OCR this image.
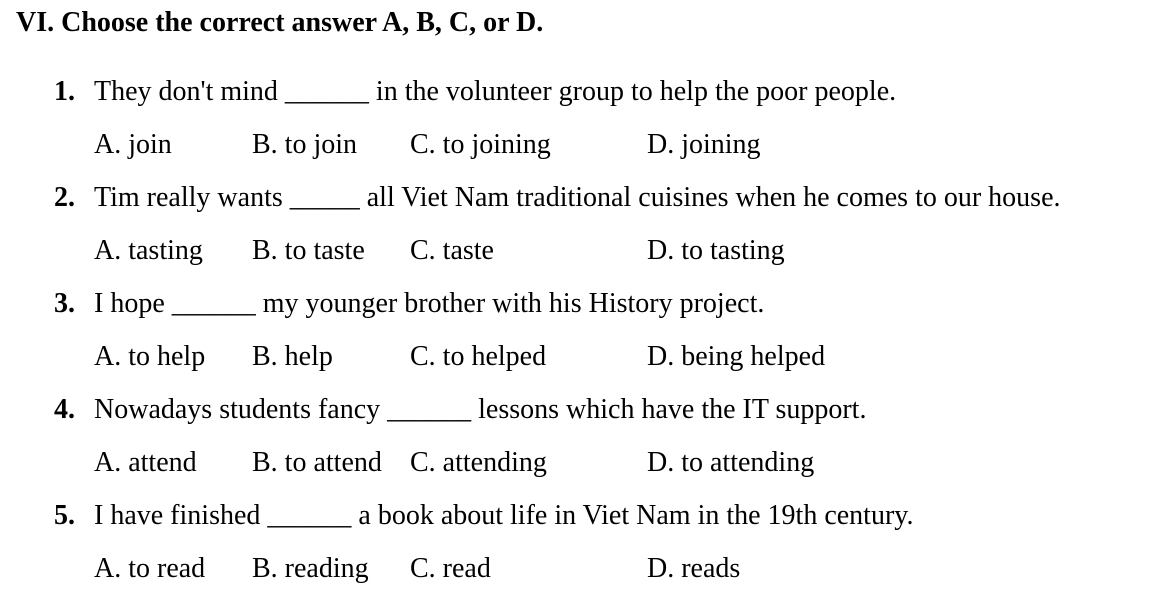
VI. Choose the correct answer A, B, C, or D.
1. They don't mind ______ in the volunteer group to help the poor people.
A. join	B. to join C. to joining	D. joining
2. Tim really wants _____ all Viet Nam traditional cuisines when he comes to our house.
A. tasting B. to taste C. taste	D. to tasting
3. I hope ______ my younger brother with his History project.
A. to help B. help	C. to helped	D. being helped
4. Nowadays students fancy ______ lessons which have the IT support.
A. attend B. to attend C. attending	D. to attending
5. I have finished ______ a book about life in Viet Nam in the 19th century.
A. to read B. reading C. read	D. reads
